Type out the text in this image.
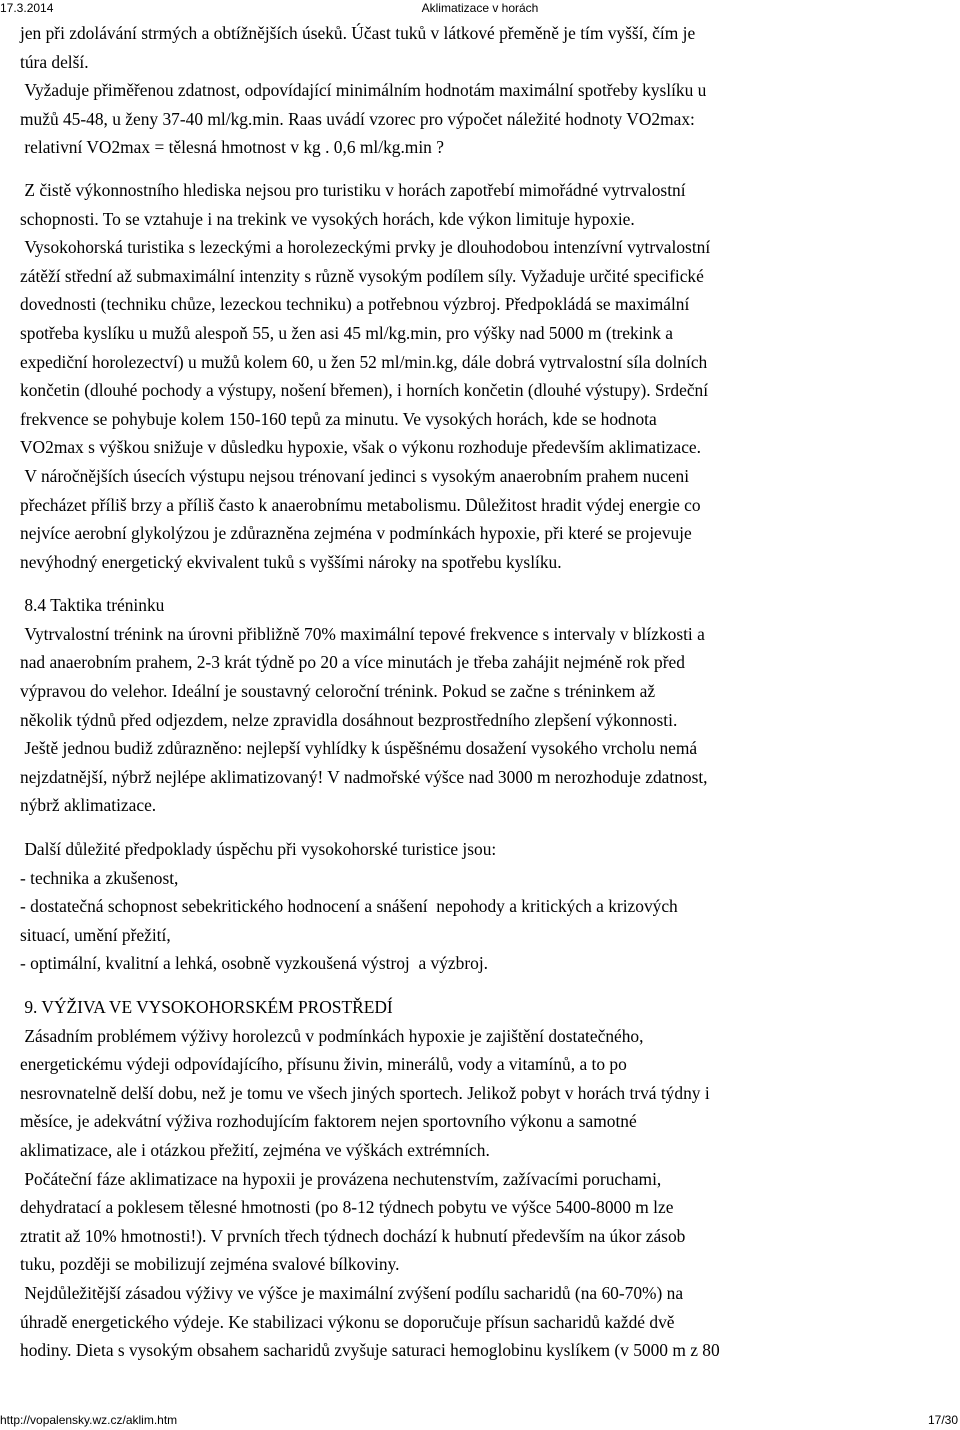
17.3.2014	Aklimatizace v horách

jen při zdolávání strmých a obtížnějších úseků. Účast tuků v látkové přeměně je tím vyšší, čím je

túra delší.

Vyžaduje přiměřenou zdatnost, odpovídající minimálním hodnotám maximální spotřeby kyslíku u

mužů 45-48, u ženy 37-40 ml/kg.min. Raas uvádí vzorec pro výpočet náležité hodnoty VO2max:

relativní VO2max = tělesná hmotnost v kg . 0,6 ml/kg.min ?

Z čistě výkonnostního hlediska nejsou pro turistiku v horách zapotřebí mimořádné vytrvalostní

schopnosti. To se vztahuje i na trekink ve vysokých horách, kde výkon limituje hypoxie.

Vysokohorská turistika s lezeckými a horolezeckými prvky je dlouhodobou intenzívní vytrvalostní

zátěží střední až submaximální intenzity s různě vysokým podílem síly. Vyžaduje určité specifické

dovednosti (techniku chůze, lezeckou techniku) a potřebnou výzbroj. Předpokládá se maximální

spotřeba kyslíku u mužů alespoň 55, u žen asi 45 ml/kg.min, pro výšky nad 5000 m (trekink a

expediční horolezectví) u mužů kolem 60, u žen 52 ml/min.kg, dále dobrá vytrvalostní síla dolních

končetin (dlouhé pochody a výstupy, nošení břemen), i horních končetin (dlouhé výstupy). Srdeční

frekvence se pohybuje kolem 150-160 tepů za minutu. Ve vysokých horách, kde se hodnota

VO2max s výškou snižuje v důsledku hypoxie, však o výkonu rozhoduje především aklimatizace.

V náročnějších úsecích výstupu nejsou trénovaní jedinci s vysokým anaerobním prahem nuceni

přecházet příliš brzy a příliš často k anaerobnímu metabolismu. Důležitost hradit výdej energie co

nejvíce aerobní glykolýzou je zdůrazněna zejména v podmínkách hypoxie, při které se projevuje

nevýhodný energetický ekvivalent tuků s vyššími nároky na spotřebu kyslíku.

8.4 Taktika tréninku

Vytrvalostní trénink na úrovni přibližně 70% maximální tepové frekvence s intervaly v blízkosti a

nad anaerobním prahem, 2-3 krát týdně po 20 a více minutách je třeba zahájit nejméně rok před

výpravou do velehor. Ideální je soustavný celoroční trénink. Pokud se začne s tréninkem až

několik týdnů před odjezdem, nelze zpravidla dosáhnout bezprostředního zlepšení výkonnosti.

Ještě jednou budiž zdůrazněno: nejlepší vyhlídky k úspěšnému dosažení vysokého vrcholu nemá

nejzdatnější, nýbrž nejlépe aklimatizovaný! V nadmořské výšce nad 3000 m nerozhoduje zdatnost,

nýbrž aklimatizace.

Další důležité předpoklady úspěchu při vysokohorské turistice jsou:

- technika a zkušenost,

- dostatečná schopnost sebekritického hodnocení a snášení  nepohody a kritických a krizových

situací, umění přežití,

- optimální, kvalitní a lehká, osobně vyzkoušená výstroj  a výzbroj.

9. VÝŽIVA VE VYSOKOHORSKÉM PROSTŘEDÍ

Zásadním problémem výživy horolezců v podmínkách hypoxie je zajištění dostatečného,

energetickému výdeji odpovídajícího, přísunu živin, minerálů, vody a vitamínů, a to po

nesrovnatelně delší dobu, než je tomu ve všech jiných sportech. Jelikož pobyt v horách trvá týdny i

měsíce, je adekvátní výživa rozhodujícím faktorem nejen sportovního výkonu a samotné

aklimatizace, ale i otázkou přežití, zejména ve výškách extrémních.

Počáteční fáze aklimatizace na hypoxii je provázena nechutenstvím, zažívacími poruchami,

dehydratací a poklesem tělesné hmotnosti (po 8-12 týdnech pobytu ve výšce 5400-8000 m lze

ztratit až 10% hmotnosti!). V prvních třech týdnech dochází k hubnutí především na úkor zásob

tuku, později se mobilizují zejména svalové bílkoviny.

Nejdůležitější zásadou výživy ve výšce je maximální zvýšení podílu sacharidů (na 60-70%) na

úhradě energetického výdeje. Ke stabilizaci výkonu se doporučuje přísun sacharidů každé dvě

hodiny. Dieta s vysokým obsahem sacharidů zvyšuje saturaci hemoglobinu kyslíkem (v 5000 m z 80

http://vopalensky.wz.cz/aklim.htm	17/30
